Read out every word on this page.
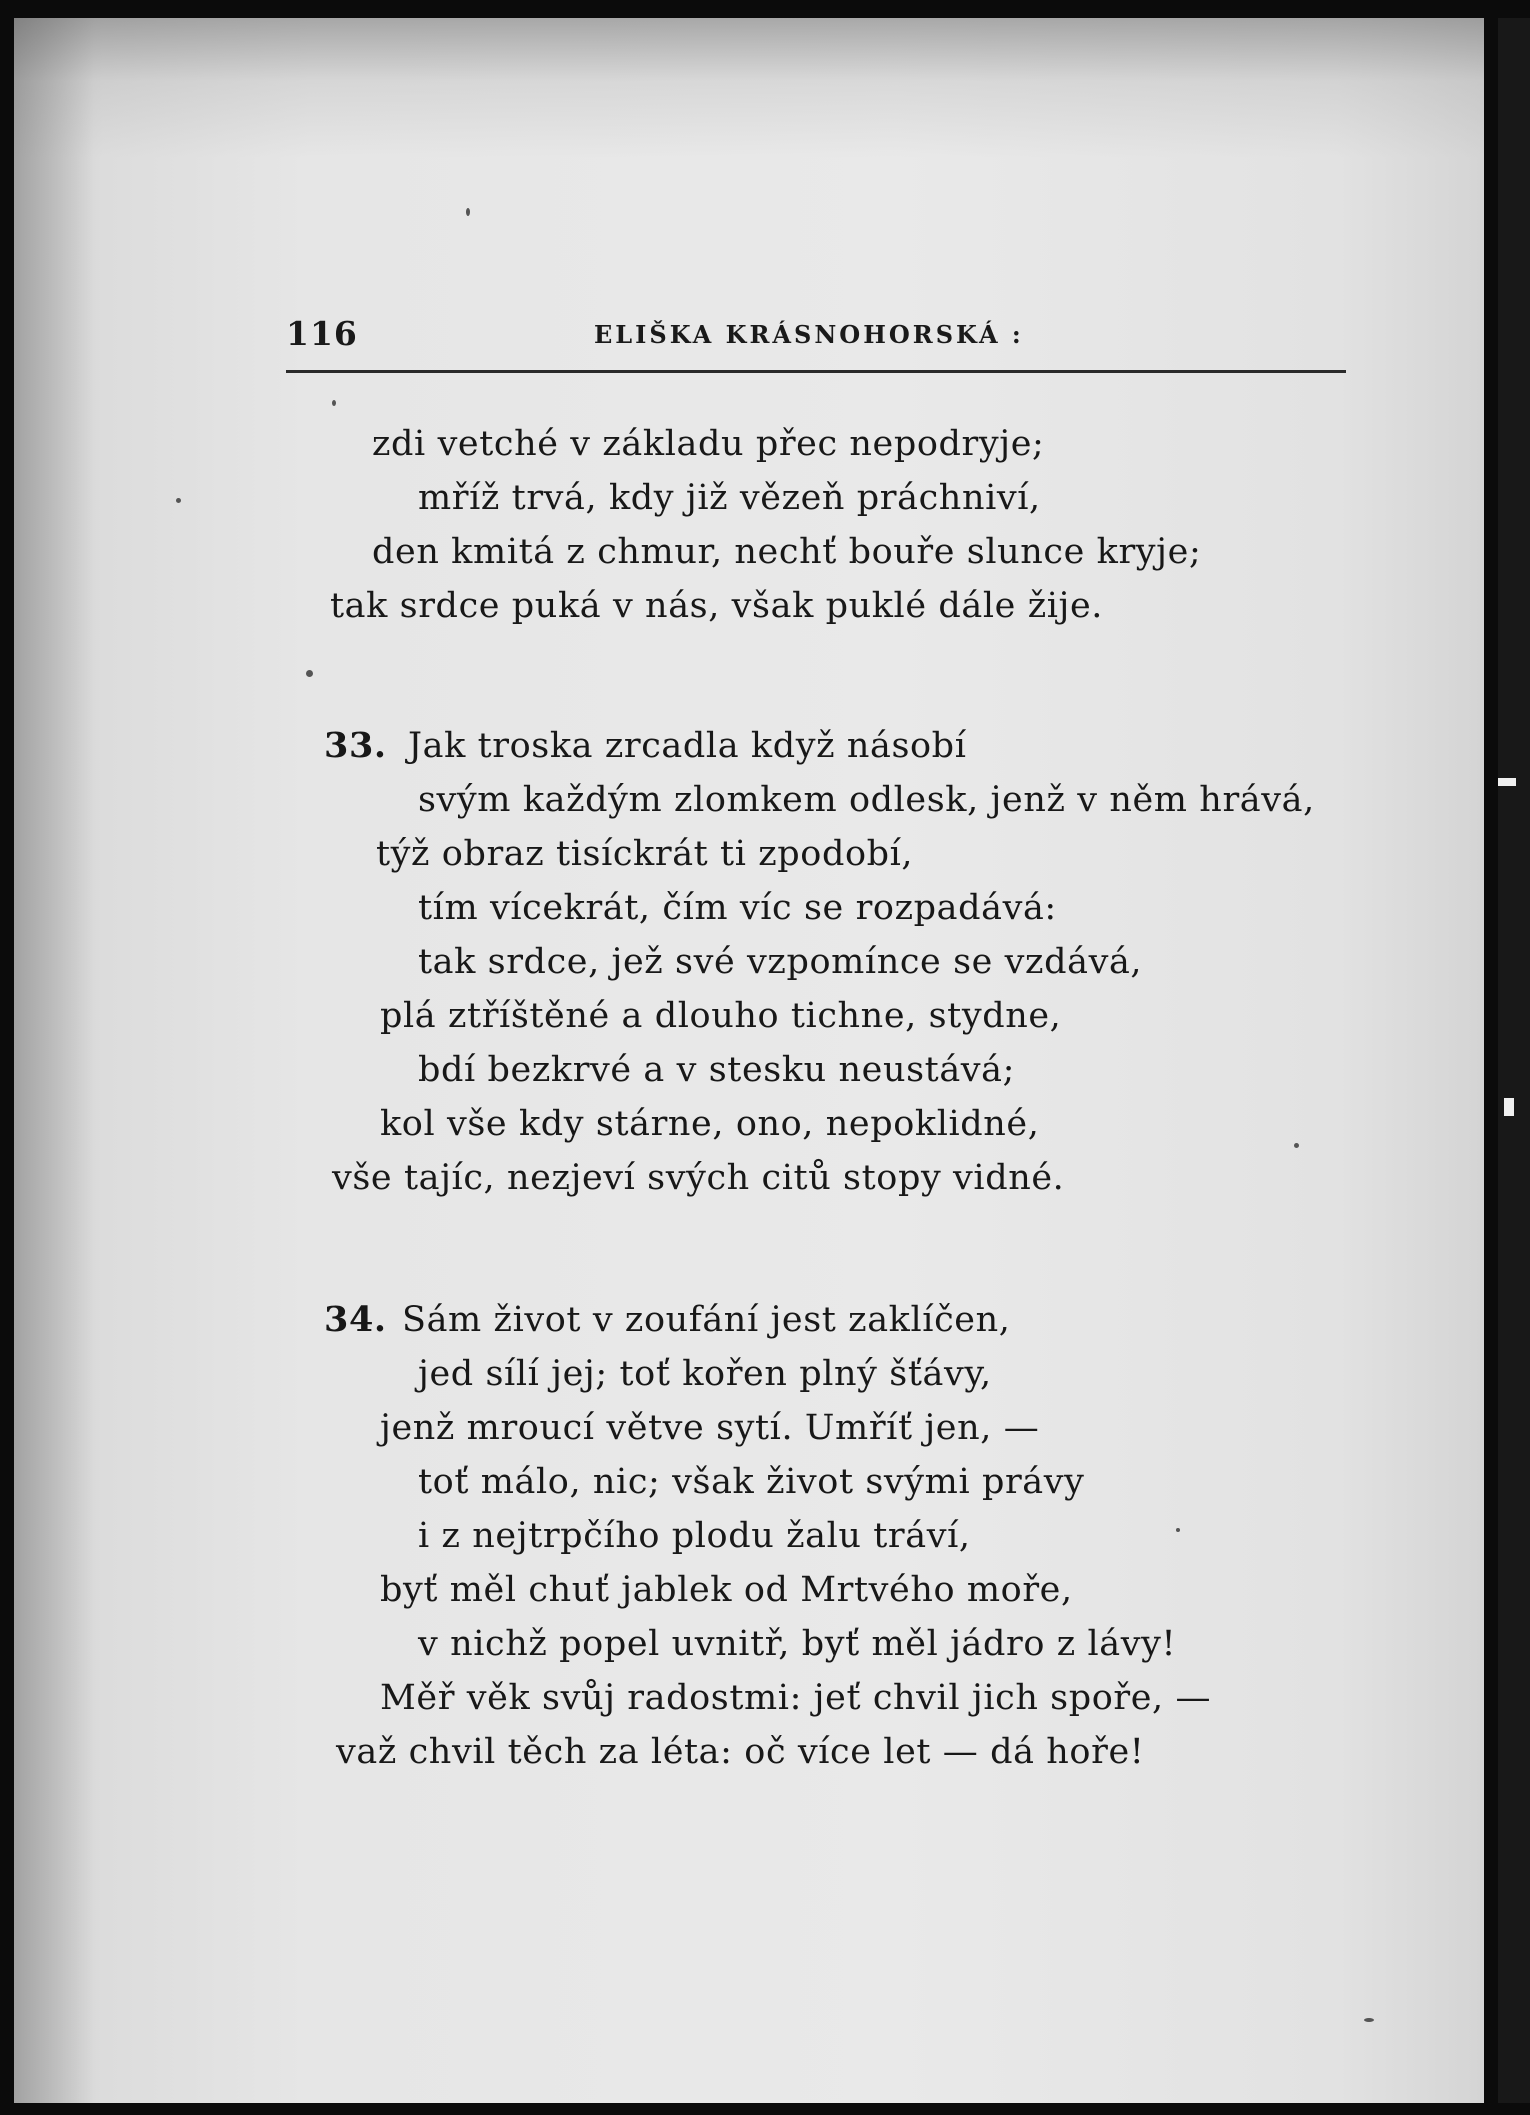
116	ELIŠKA KRÁSNOHORSKÁ :
zdi vetché v základu přec nepodryje;
mříž trvá, kdy již vězeň práchniví,
den kmitá z chmur, nechť bouře slunce kryje;
tak srdce puká v nás, však puklé dále žije.
33. Jak troska zrcadla když násobí
svým každým zlomkem odlesk, jenž v něm hrává,
týž obraz tisíckrát ti zpodobí,
tím vícekrát, čím víc se rozpadává:
tak srdce, jež své vzpomínce se vzdává,
plá ztříštěné a dlouho tichne, stydne,
bdí bezkrvé a v stesku neustává;
kol vše kdy stárne, ono, nepoklidné,
vše tajíc, nezjeví svých citů stopy vidné.
34. Sám život v zoufání jest zaklíčen,
jed sílí jej; toť kořen plný šťávy,
jenž mroucí větve sytí. Umříť jen, —
toť málo, nic; však život svými právy
i z nejtrpčího plodu žalu tráví,
byť měl chuť jablek od Mrtvého moře,
v nichž popel uvnitř, byť měl jádro z lávy!
Měř věk svůj radostmi: jeť chvil jich spoře, —
važ chvil těch za léta: oč více let — dá hoře!
